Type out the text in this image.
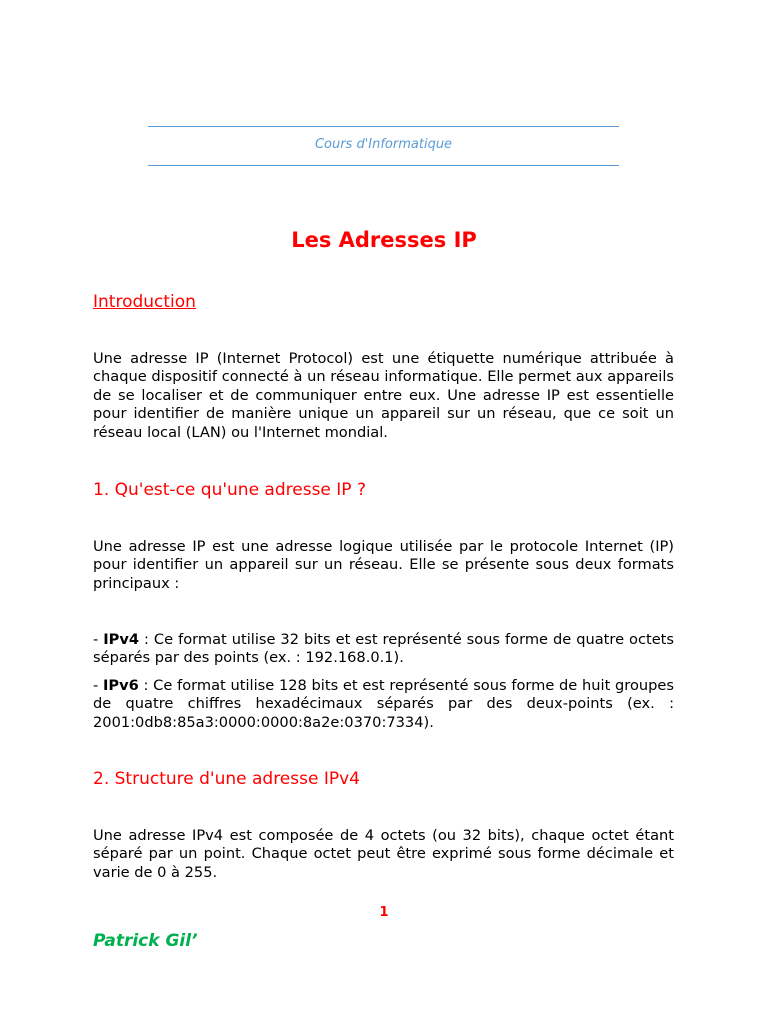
Cours d'Informatique
Les Adresses IP
Introduction
Une adresse IP (Internet Protocol) est une étiquette numérique attribuée à chaque dispositif connecté à un réseau informatique. Elle permet aux appareils de se localiser et de communiquer entre eux. Une adresse IP est essentielle pour identifier de manière unique un appareil sur un réseau, que ce soit un réseau local (LAN) ou l'Internet mondial.
1. Qu'est-ce qu'une adresse IP ?
Une adresse IP est une adresse logique utilisée par le protocole Internet (IP) pour identifier un appareil sur un réseau. Elle se présente sous deux formats principaux :
- IPv4 : Ce format utilise 32 bits et est représenté sous forme de quatre octets séparés par des points (ex. : 192.168.0.1).
- IPv6 : Ce format utilise 128 bits et est représenté sous forme de huit groupes de quatre chiffres hexadécimaux séparés par des deux-points (ex. : 2001:0db8:85a3:0000:0000:8a2e:0370:7334).
2. Structure d'une adresse IPv4
Une adresse IPv4 est composée de 4 octets (ou 32 bits), chaque octet étant séparé par un point. Chaque octet peut être exprimé sous forme décimale et varie de 0 à 255.
1
Patrick Gil’
